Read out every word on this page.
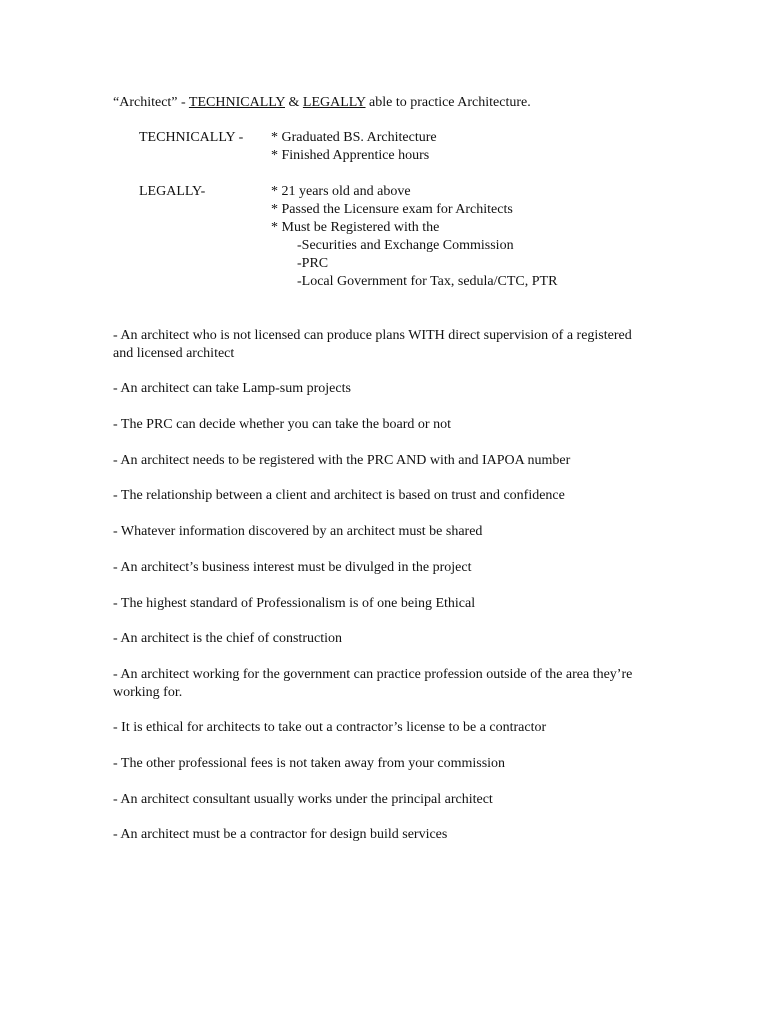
“Architect” - TECHNICALLY & LEGALLY able to practice Architecture.
TECHNICALLY - * Graduated BS. Architecture
* Finished Apprentice hours
LEGALLY-	* 21 years old and above
* Passed the Licensure exam for Architects
* Must be Registered with the
-Securities and Exchange Commission
-PRC
-Local Government for Tax, sedula/CTC, PTR
- An architect who is not licensed can produce plans WITH direct supervision of a registered and licensed architect
- An architect can take Lamp-sum projects
- The PRC can decide whether you can take the board or not
- An architect needs to be registered with the PRC AND with and IAPOA number
- The relationship between a client and architect is based on trust and confidence
- Whatever information discovered by an architect must be shared
- An architect’s business interest must be divulged in the project
- The highest standard of Professionalism is of one being Ethical
- An architect is the chief of construction
- An architect working for the government can practice profession outside of the area they’re working for.
- It is ethical for architects to take out a contractor’s license to be a contractor
- The other professional fees is not taken away from your commission
- An architect consultant usually works under the principal architect
- An architect must be a contractor for design build services
